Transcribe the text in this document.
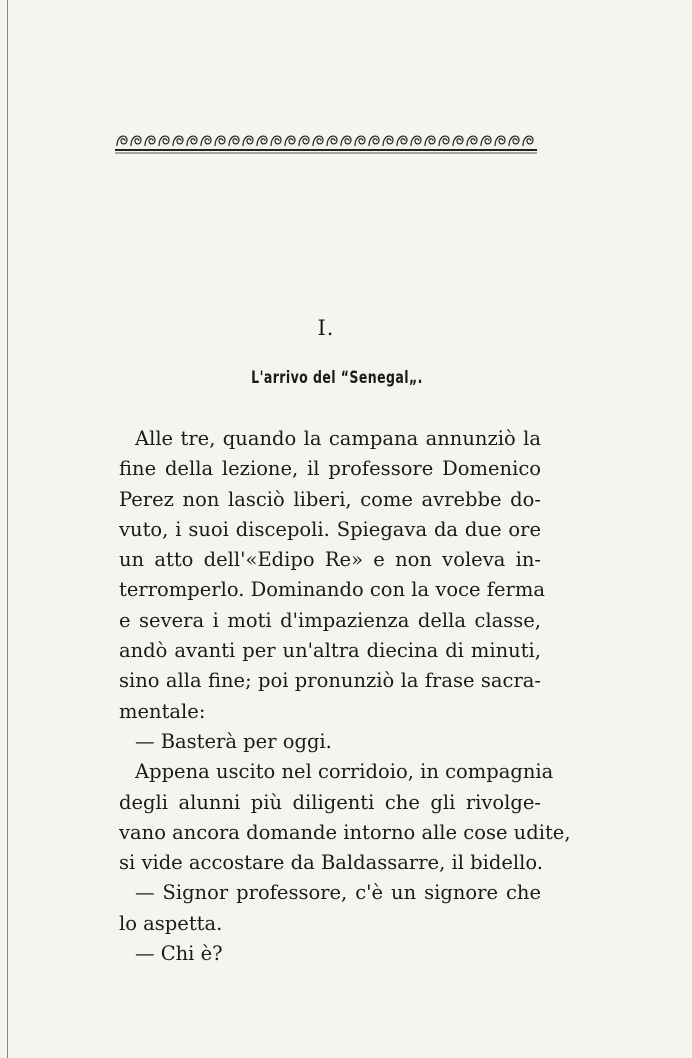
I.
L'arrivo del “Senegal„.
Alle tre, quando la campana annunziò la
fine della lezione, il professore Domenico
Perez non lasciò liberi, come avrebbe do-
vuto, i suoi discepoli. Spiegava da due ore
un atto dell'«Edipo Re» e non voleva in-
terromperlo. Dominando con la voce ferma
e severa i moti d'impazienza della classe,
andò avanti per un'altra diecina di minuti,
sino alla fine; poi pronunziò la frase sacra-
mentale:
— Basterà per oggi.
Appena uscito nel corridoio, in compagnia
degli alunni più diligenti che gli rivolge-
vano ancora domande intorno alle cose udite,
si vide accostare da Baldassarre, il bidello.
— Signor professore, c'è un signore che
lo aspetta.
— Chi è?
